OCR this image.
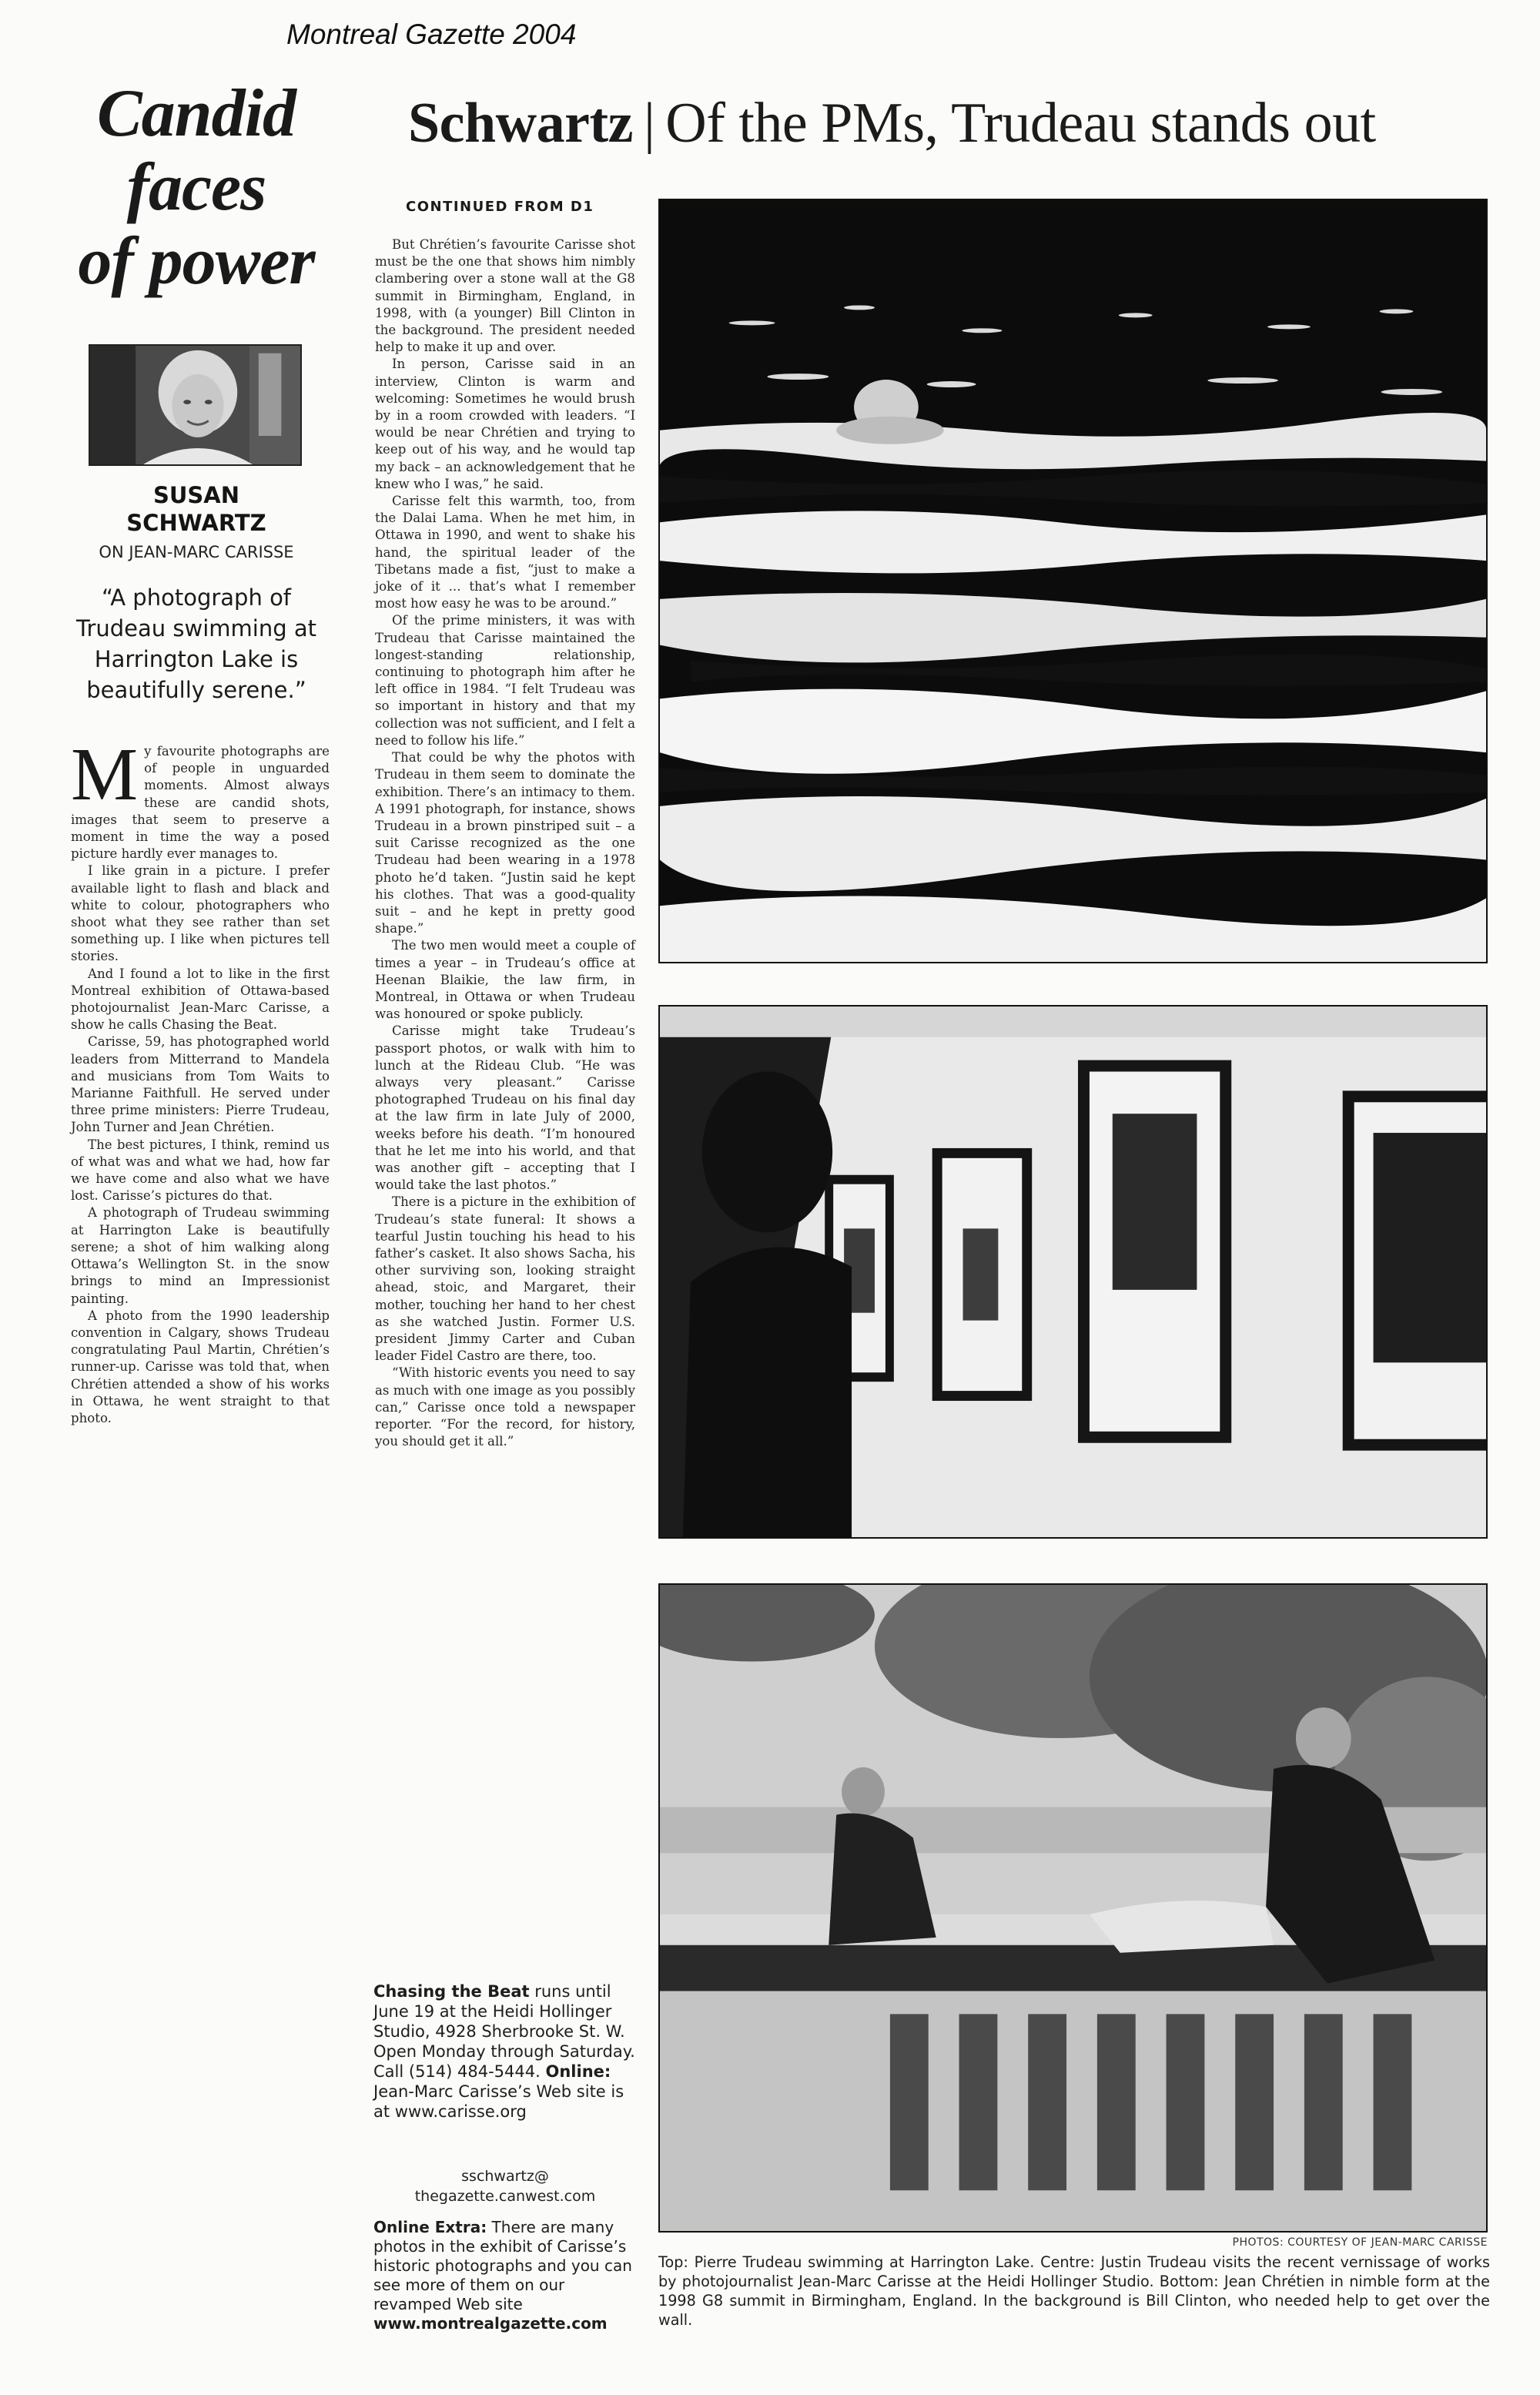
Montreal Gazette 2004
Candid
faces
of power
SUSAN
SCHWARTZ
ON JEAN-MARC CARISSE
“A photograph of Trudeau swimming at Harrington Lake is beautifully serene.”

My favourite photographs are of people in unguarded moments. Almost always these are candid shots, images that seem to preserve a moment in time the way a posed picture hardly ever manages to.

I like grain in a picture. I prefer available light to flash and black and white to colour, photographers who shoot what they see rather than set something up. I like when pictures tell stories.

And I found a lot to like in the first Montreal exhibition of Ottawa-based photojournalist Jean-Marc Carisse, a show he calls Chasing the Beat.

Carisse, 59, has photographed world leaders from Mitterrand to Mandela and musicians from Tom Waits to Marianne Faithfull. He served under three prime ministers: Pierre Trudeau, John Turner and Jean Chrétien.

The best pictures, I think, remind us of what was and what we had, how far we have come and also what we have lost. Carisse’s pictures do that.

A photograph of Trudeau swimming at Harrington Lake is beautifully serene; a shot of him walking along Ottawa’s Wellington St. in the snow brings to mind an Impressionist painting.

A photo from the 1990 leadership convention in Calgary, shows Trudeau congratulating Paul Martin, Chrétien’s runner-up. Carisse was told that, when Chrétien attended a show of his works in Ottawa, he went straight to that photo.

Schwartz | Of the PMs, Trudeau stands out
CONTINUED FROM D1

But Chrétien’s favourite Carisse shot must be the one that shows him nimbly clambering over a stone wall at the G8 summit in Birmingham, England, in 1998, with (a younger) Bill Clinton in the background. The president needed help to make it up and over.

In person, Carisse said in an interview, Clinton is warm and welcoming: Sometimes he would brush by in a room crowded with leaders. “I would be near Chrétien and trying to keep out of his way, and he would tap my back – an acknowledgement that he knew who I was,” he said.

Carisse felt this warmth, too, from the Dalai Lama. When he met him, in Ottawa in 1990, and went to shake his hand, the spiritual leader of the Tibetans made a fist, “just to make a joke of it ... that’s what I remember most how easy he was to be around.”

Of the prime ministers, it was with Trudeau that Carisse maintained the longest-standing relationship, continuing to photograph him after he left office in 1984. “I felt Trudeau was so important in history and that my collection was not sufficient, and I felt a need to follow his life.”

That could be why the photos with Trudeau in them seem to dominate the exhibition. There’s an intimacy to them. A 1991 photograph, for instance, shows Trudeau in a brown pinstriped suit – a suit Carisse recognized as the one Trudeau had been wearing in a 1978 photo he’d taken. “Justin said he kept his clothes. That was a good-quality suit – and he kept in pretty good shape.”

The two men would meet a couple of times a year – in Trudeau’s office at Heenan Blaikie, the law firm, in Montreal, in Ottawa or when Trudeau was honoured or spoke publicly.

Carisse might take Trudeau’s passport photos, or walk with him to lunch at the Rideau Club. “He was always very pleasant.” Carisse photographed Trudeau on his final day at the law firm in late July of 2000, weeks before his death. “I’m honoured that he let me into his world, and that was another gift – accepting that I would take the last photos.”

There is a picture in the exhibition of Trudeau’s state funeral: It shows a tearful Justin touching his head to his father’s casket. It also shows Sacha, his other surviving son, looking straight ahead, stoic, and Margaret, their mother, touching her hand to her chest as she watched Justin. Former U.S. president Jimmy Carter and Cuban leader Fidel Castro are there, too.

“With historic events you need to say as much with one image as you possibly can,” Carisse once told a newspaper reporter. “For the record, for history, you should get it all.”

Chasing the Beat runs until June 19 at the Heidi Hollinger Studio, 4928 Sherbrooke St. W. Open Monday through Saturday. Call (514) 484-5444. Online: Jean-Marc Carisse’s Web site is at www.carisse.org
sschwartz@
thegazette.canwest.com
Online Extra: There are many photos in the exhibit of Carisse’s historic photographs and you can see more of them on our revamped Web site www.montrealgazette.com
PHOTOS: COURTESY OF JEAN-MARC CARISSE
Top: Pierre Trudeau swimming at Harrington Lake. Centre: Justin Trudeau visits the recent vernissage of works by photojournalist Jean-Marc Carisse at the Heidi Hollinger Studio. Bottom: Jean Chrétien in nimble form at the 1998 G8 summit in Birmingham, England. In the background is Bill Clinton, who needed help to get over the wall.
